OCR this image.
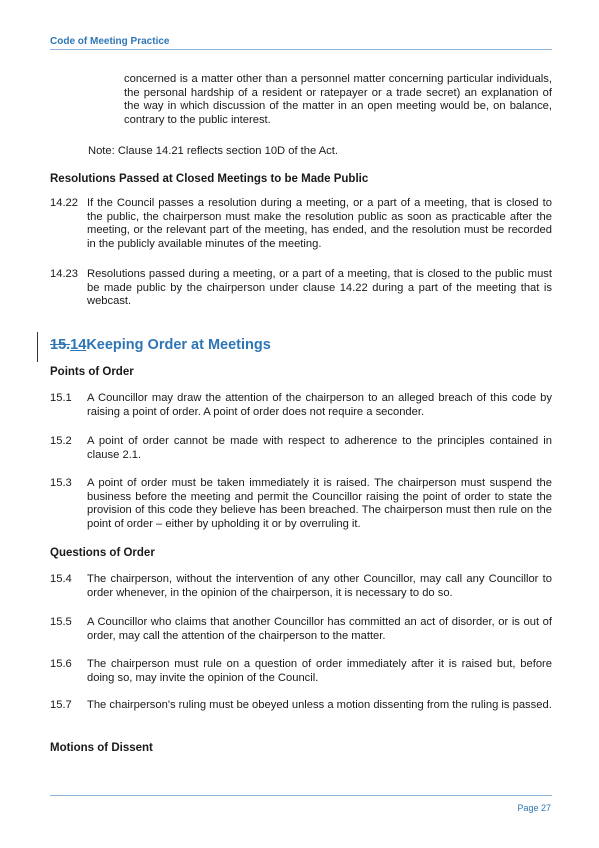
Code of Meeting Practice
concerned is a matter other than a personnel matter concerning particular individuals, the personal hardship of a resident or ratepayer or a trade secret) an explanation of the way in which discussion of the matter in an open meeting would be, on balance, contrary to the public interest.
Note: Clause 14.21 reflects section 10D of the Act.
Resolutions Passed at Closed Meetings to be Made Public
14.22 If the Council passes a resolution during a meeting, or a part of a meeting, that is closed to the public, the chairperson must make the resolution public as soon as practicable after the meeting, or the relevant part of the meeting, has ended, and the resolution must be recorded in the publicly available minutes of the meeting.
14.23 Resolutions passed during a meeting, or a part of a meeting, that is closed to the public must be made public by the chairperson under clause 14.22 during a part of the meeting that is webcast.
15.14Keeping Order at Meetings
Points of Order
15.1 A Councillor may draw the attention of the chairperson to an alleged breach of this code by raising a point of order. A point of order does not require a seconder.
15.2 A point of order cannot be made with respect to adherence to the principles contained in clause 2.1.
15.3 A point of order must be taken immediately it is raised. The chairperson must suspend the business before the meeting and permit the Councillor raising the point of order to state the provision of this code they believe has been breached. The chairperson must then rule on the point of order – either by upholding it or by overruling it.
Questions of Order
15.4 The chairperson, without the intervention of any other Councillor, may call any Councillor to order whenever, in the opinion of the chairperson, it is necessary to do so.
15.5 A Councillor who claims that another Councillor has committed an act of disorder, or is out of order, may call the attention of the chairperson to the matter.
15.6 The chairperson must rule on a question of order immediately after it is raised but, before doing so, may invite the opinion of the Council.
15.7 The chairperson's ruling must be obeyed unless a motion dissenting from the ruling is passed.
Motions of Dissent
Page 27
